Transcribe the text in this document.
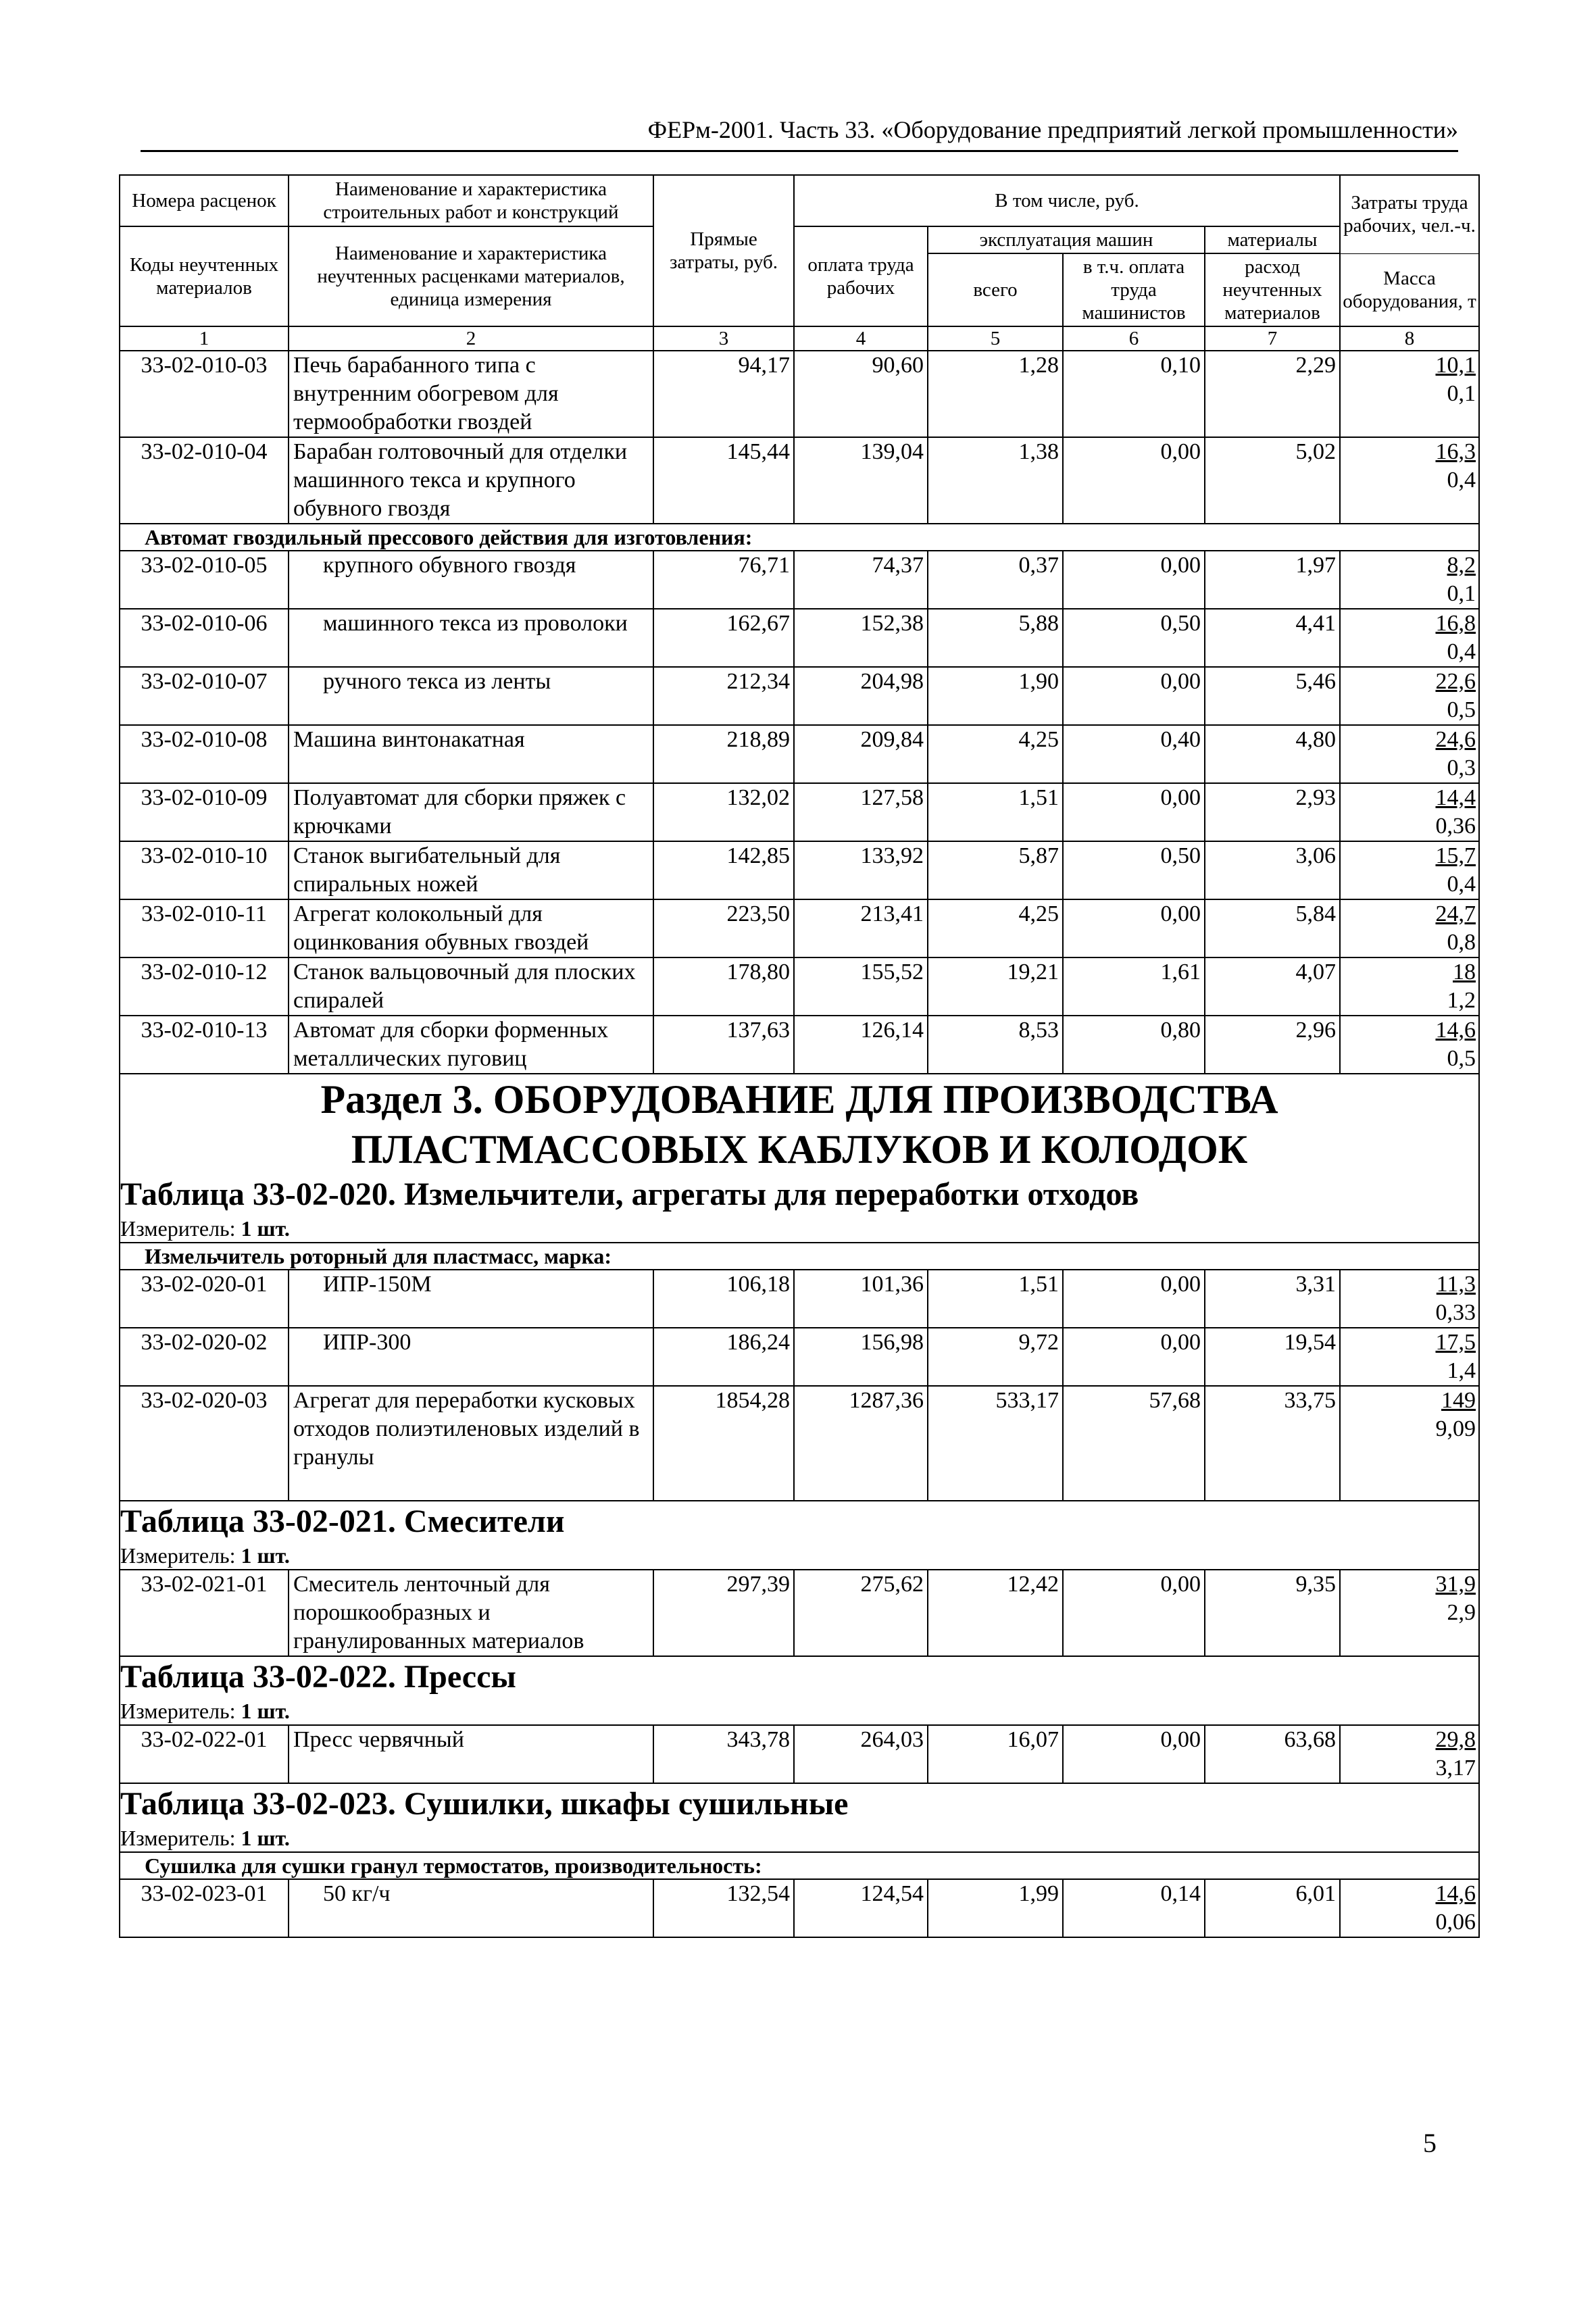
ФЕРм-2001. Часть 33. «Оборудование предприятий легкой промышленности»
Номера расценок	Наименование и характеристика строительных работ и конструкций	Прямые затраты, руб.	В том числе, руб.				Затраты труда рабочих, чел.-ч.
Коды неучтенных материалов	Наименование и характеристика неучтенных расценками материалов, единица измерения		оплата труда рабочих	эксплуатация машин		материалы	
				всего	в т.ч. оплата труда машинистов	расход неучтенных материалов	Масса оборудования, т
1	2	3	4	5	6	7	8
33-02-010-03	Печь барабанного типа с внутренним обогревом для термообработки гвоздей	94,17	90,60	1,28	0,10	2,29	10,1
0,1

33-02-010-04	Барабан голтовочный для отделки машинного текса и крупного обувного гвоздя	145,44	139,04	1,38	0,00	5,02	16,3
0,4

Автомат гвоздильный прессового действия для изготовления:							
33-02-010-05	крупного обувного гвоздя	76,71	74,37	0,37	0,00	1,97	8,2
0,1

33-02-010-06	машинного текса из проволоки	162,67	152,38	5,88	0,50	4,41	16,8
0,4

33-02-010-07	ручного текса из ленты	212,34	204,98	1,90	0,00	5,46	22,6
0,5

33-02-010-08	Машина винтонакатная	218,89	209,84	4,25	0,40	4,80	24,6
0,3

33-02-010-09	Полуавтомат для сборки пряжек с крючками	132,02	127,58	1,51	0,00	2,93	14,4
0,36

33-02-010-10	Станок выгибательный для спиральных ножей	142,85	133,92	5,87	0,50	3,06	15,7
0,4

33-02-010-11	Агрегат колокольный для оцинкования обувных гвоздей	223,50	213,41	4,25	0,00	5,84	24,7
0,8

33-02-010-12	Станок вальцовочный для плоских спиралей	178,80	155,52	19,21	1,61	4,07	18
1,2

33-02-010-13	Автомат для сборки форменных металлических пуговиц	137,63	126,14	8,53	0,80	2,96	14,6
0,5

Раздел 3. ОБОРУДОВАНИЕ ДЛЯ ПРОИЗВОДСТВА ПЛАСТМАССОВЫХ КАБЛУКОВ И КОЛОДОК							
Таблица 33-02-020. Измельчители, агрегаты для переработки отходов							
Измеритель: 1 шт.							
Измельчитель роторный для пластмасс, марка:							
33-02-020-01	ИПР-150М	106,18	101,36	1,51	0,00	3,31	11,3
0,33

33-02-020-02	ИПР-300	186,24	156,98	9,72	0,00	19,54	17,5
1,4

33-02-020-03	Агрегат для переработки кусковых отходов полиэтиленовых изделий в гранулы	1854,28	1287,36	533,17	57,68	33,75	149
9,09

Таблица 33-02-021. Смесители							
Измеритель: 1 шт.							
33-02-021-01	Смеситель ленточный для порошкообразных и гранулированных материалов	297,39	275,62	12,42	0,00	9,35	31,9
2,9

Таблица 33-02-022. Прессы							
Измеритель: 1 шт.							
33-02-022-01	Пресс червячный	343,78	264,03	16,07	0,00	63,68	29,8
3,17

Таблица 33-02-023. Сушилки, шкафы сушильные							
Измеритель: 1 шт.							
Сушилка для сушки гранул термостатов, производительность:							
33-02-023-01	50 кг/ч	132,54	124,54	1,99	0,14	6,01	14,6
0,06
5
